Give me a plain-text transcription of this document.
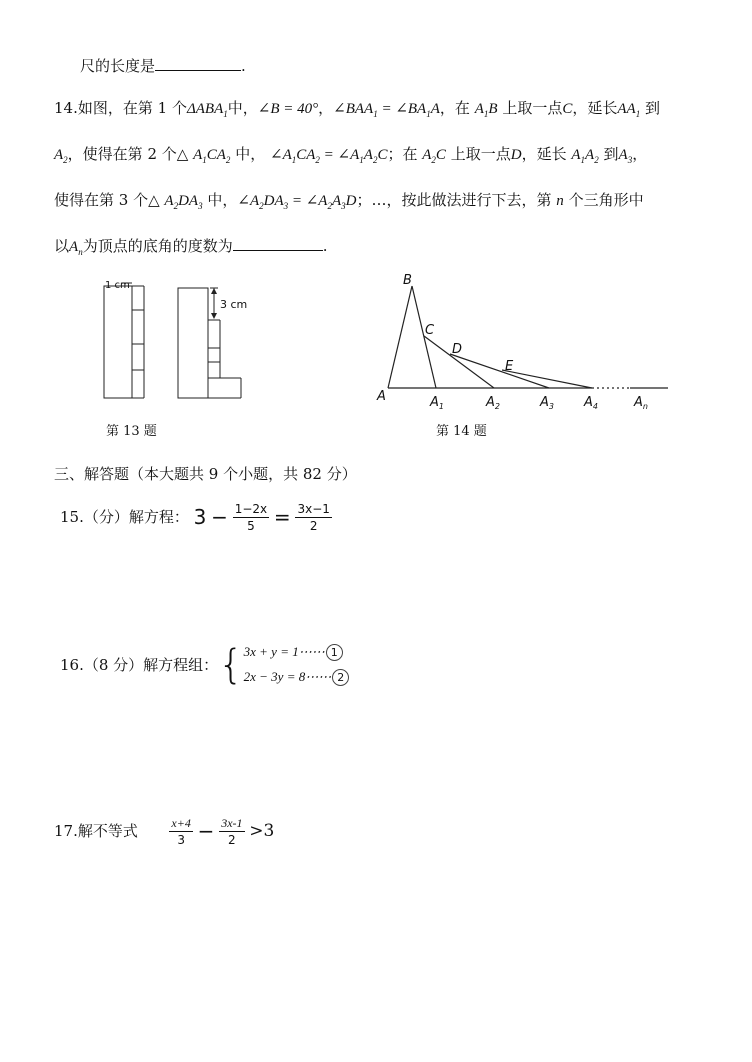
尺的长度是	.
14.如图，在第 1 个$\Delta ABA_1$中，∠B = 40°，$\angle BAA_1$ = $\angle BA_1A$，在 $A_1B$ 上取一点C，延长$AA_1$ 到
$A_2$，使得在第 2 个△ $A_1CA_2$ 中， $\angle A_1CA_2$ = $\angle A_1A_2C$；在 $A_2C$ 上取一点D，延长 $A_1A_2$ 到$A_3$，
使得在第 3 个△ $A_2DA_3$ 中，$\angle A_2DA_3$ = $\angle A_2A_3D$；…，按此做法进行下去，第 n 个三角形中
以$A_n$为顶点的底角的度数为	.
1 cm
3 cm
第 13 题
B
C
D
E
A	$A_1$	$A_2$	$A_3$ $A_4$	$A_n$
第 14 题
三、解答题（本大题共 9 个小题，共 82 分）
15.（分）解方程： $3 - \frac{1-2x}{5} = \frac{3x-1}{2}$
16.（8 分）解方程组：{ 3x + y = 1⋯⋯ 1
2x − 3y = 8⋯⋯ 2
17.解不等式	$\frac{x+4}{3} - \frac{3x-1}{2} >3$
